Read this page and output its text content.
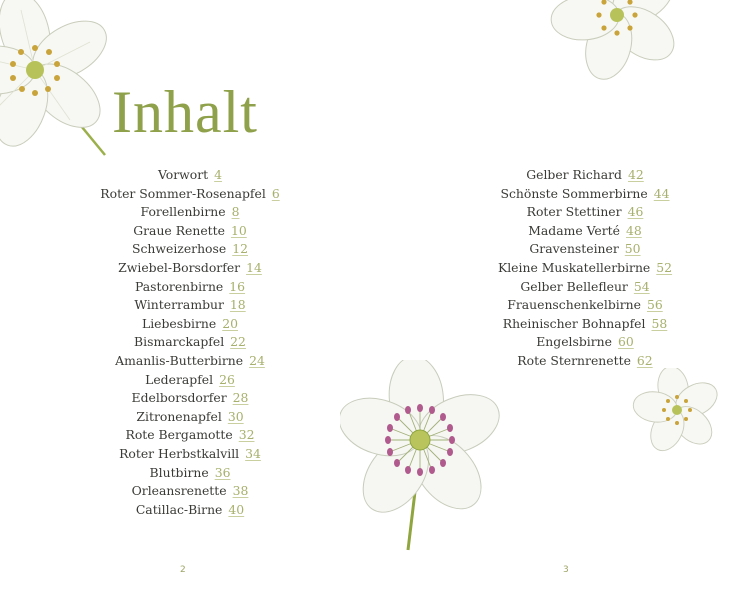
Inhalt
Vorwort 4
Roter Sommer-Rosenapfel 6
Forellenbirne 8
Graue Renette 10
Schweizerhose 12
Zwiebel-Borsdorfer 14
Pastorenbirne 16
Winterrambur 18
Liebesbirne 20
Bismarckapfel 22
Amanlis-Butterbirne 24
Lederapfel 26
Edelborsdorfer 28
Zitronenapfel 30
Rote Bergamotte 32
Roter Herbstkalvill 34
Blutbirne 36
Orleansrenette 38
Catillac-Birne 40
2
Gelber Richard 42
Schönste Sommerbirne 44
Roter Stettiner 46
Madame Verté 48
Gravensteiner 50
Kleine Muskatellerbirne 52
Gelber Bellefleur 54
Frauenschenkelbirne 56
Rheinischer Bohnapfel 58
Engelsbirne 60
Rote Sternrenette 62
3
